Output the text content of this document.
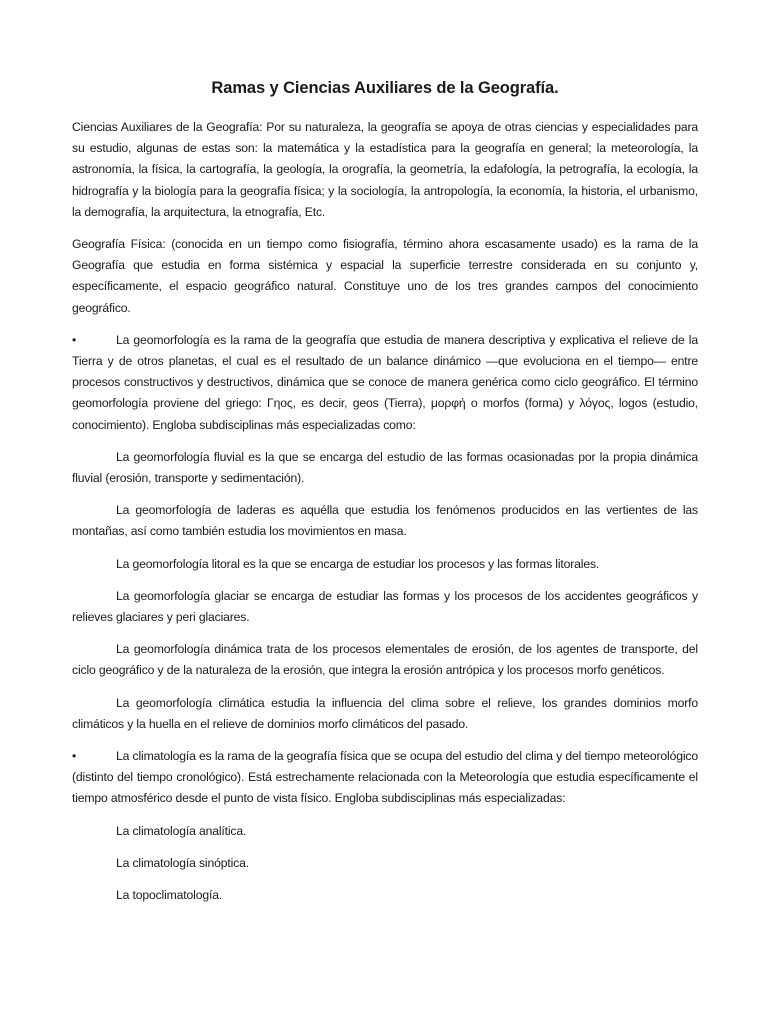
Ramas y Ciencias Auxiliares de la Geografía.

Ciencias Auxiliares de la Geografía: Por su naturaleza, la geografía se apoya de otras ciencias y especialidades para su estudio, algunas de estas son: la matemática y la estadística para la geografía en general; la meteorología, la astronomía, la física, la cartografía, la geología, la orografía, la geometría, la edafología, la petrografía, la ecología, la hidrografía y la biología para la geografía física; y la sociología, la antropología, la economía, la historia, el urbanismo, la demografía, la arquitectura, la etnografía, Etc.

Geografía Física: (conocida en un tiempo como fisiografía, término ahora escasamente usado) es la rama de la Geografía que estudia en forma sistémica y espacial la superficie terrestre considerada en su conjunto y, específicamente, el espacio geográfico natural. Constituye uno de los tres grandes campos del conocimiento geográfico.

•	La geomorfología es la rama de la geografía que estudia de manera descriptiva y explicativa el relieve de la Tierra y de otros planetas, el cual es el resultado de un balance dinámico —que evoluciona en el tiempo— entre procesos constructivos y destructivos, dinámica que se conoce de manera genérica como ciclo geográfico. El término geomorfología proviene del griego: Γηος, es decir, geos (Tierra), μορφή o morfos (forma) y λόγος, logos (estudio, conocimiento). Engloba subdisciplinas más especializadas como:

La geomorfología fluvial es la que se encarga del estudio de las formas ocasionadas por la propia dinámica fluvial (erosión, transporte y sedimentación).

La geomorfología de laderas es aquélla que estudia los fenómenos producidos en las vertientes de las montañas, así como también estudia los movimientos en masa.

La geomorfología litoral es la que se encarga de estudiar los procesos y las formas litorales.

La geomorfología glaciar se encarga de estudiar las formas y los procesos de los accidentes geográficos y relieves glaciares y peri glaciares.

La geomorfología dinámica trata de los procesos elementales de erosión, de los agentes de transporte, del ciclo geográfico y de la naturaleza de la erosión, que integra la erosión antrópica y los procesos morfo genéticos.

La geomorfología climática estudia la influencia del clima sobre el relieve, los grandes dominios morfo climáticos y la huella en el relieve de dominios morfo climáticos del pasado.

•	La climatología es la rama de la geografía física que se ocupa del estudio del clima y del tiempo meteorológico (distinto del tiempo cronológico). Está estrechamente relacionada con la Meteorología que estudia específicamente el tiempo atmosférico desde el punto de vista físico. Engloba subdisciplinas más especializadas:

La climatología analítica.
La climatología sinóptica.
La topoclimatología.
